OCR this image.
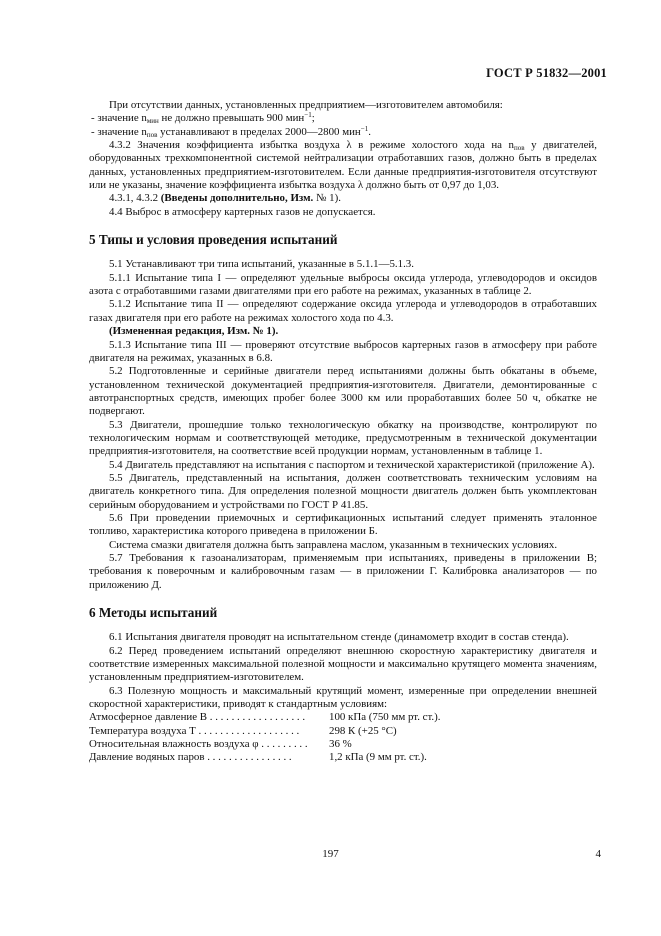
ГОСТ Р 51832—2001

При отсутствии данных, установленных предприятием—изготовителем автомобиля:

- значение $n_{мин}$ не должно превышать 900 мин$^{-1}$;

- значение $n_{пов}$ устанавливают в пределах 2000—2800 мин$^{-1}$.

4.3.2 Значения коэффициента избытка воздуха λ в режиме холостого хода на $n_{пов}$ у двигателей, оборудованных трехкомпонентной системой нейтрализации отработавших газов, должно быть в пределах данных, установленных предприятием-изготовителем. Если данные предприятия-изготовителя отсутствуют или не указаны, значение коэффициента избытка воздуха λ должно быть от 0,97 до 1,03.

4.3.1, 4.3.2 (Введены дополнительно, Изм. № 1).

4.4 Выброс в атмосферу картерных газов не допускается.

5 Типы и условия проведения испытаний

5.1 Устанавливают три типа испытаний, указанные в 5.1.1—5.1.3.

5.1.1 Испытание типа I — определяют удельные выбросы оксида углерода, углеводородов и оксидов азота с отработавшими газами двигателями при его работе на режимах, указанных в таблице 2.

5.1.2 Испытание типа II — определяют содержание оксида углерода и углеводородов в отработавших газах двигателя при его работе на режимах холостого хода по 4.3.

(Измененная редакция, Изм. № 1).

5.1.3 Испытание типа III — проверяют отсутствие выбросов картерных газов в атмосферу при работе двигателя на режимах, указанных в 6.8.

5.2 Подготовленные и серийные двигатели перед испытаниями должны быть обкатаны в объеме, установленном технической документацией предприятия-изготовителя. Двигатели, демонтированные с автотранспортных средств, имеющих пробег более 3000 км или проработавших более 50 ч, обкатке не подвергают.

5.3 Двигатели, прошедшие только технологическую обкатку на производстве, контролируют по технологическим нормам и соответствующей методике, предусмотренным в технической документации предприятия-изготовителя, на соответствие всей продукции нормам, установленным в таблице 1.

5.4 Двигатель представляют на испытания с паспортом и технической характеристикой (приложение А).

5.5 Двигатель, представленный на испытания, должен соответствовать техническим условиям на двигатель конкретного типа. Для определения полезной мощности двигатель должен быть укомплектован серийным оборудованием и устройствами по ГОСТ Р 41.85.

5.6 При проведении приемочных и сертификационных испытаний следует применять эталонное топливо, характеристика которого приведена в приложении Б.

Система смазки двигателя должна быть заправлена маслом, указанным в технических условиях.

5.7 Требования к газоанализаторам, применяемым при испытаниях, приведены в приложении В; требования к поверочным и калибровочным газам — в приложении Г. Калибровка анализаторов — по приложению Д.

6 Методы испытаний

6.1 Испытания двигателя проводят на испытательном стенде (динамометр входит в состав стенда).

6.2 Перед проведением испытаний определяют внешнюю скоростную характеристику двигателя и соответствие измеренных максимальной полезной мощности и максимально крутящего момента значениям, установленным предприятием-изготовителем.

6.3 Полезную мощность и максимальный крутящий момент, измеренные при определении внешней скоростной характеристики, приводят к стандартным условиям:

Атмосферное давление В . . . . . . . . . . . . . . . . . .	100 кПа (750 мм рт. ст.).
Температура воздуха Т . . . . . . . . . . . . . . . . . . .	298 К (+25 °С)
Относительная влажность воздуха φ . . . . . . . . .	36 %
Давление водяных паров . . . . . . . . . . . . . . . .	1,2 кПа (9 мм рт. ст.).
197	4
